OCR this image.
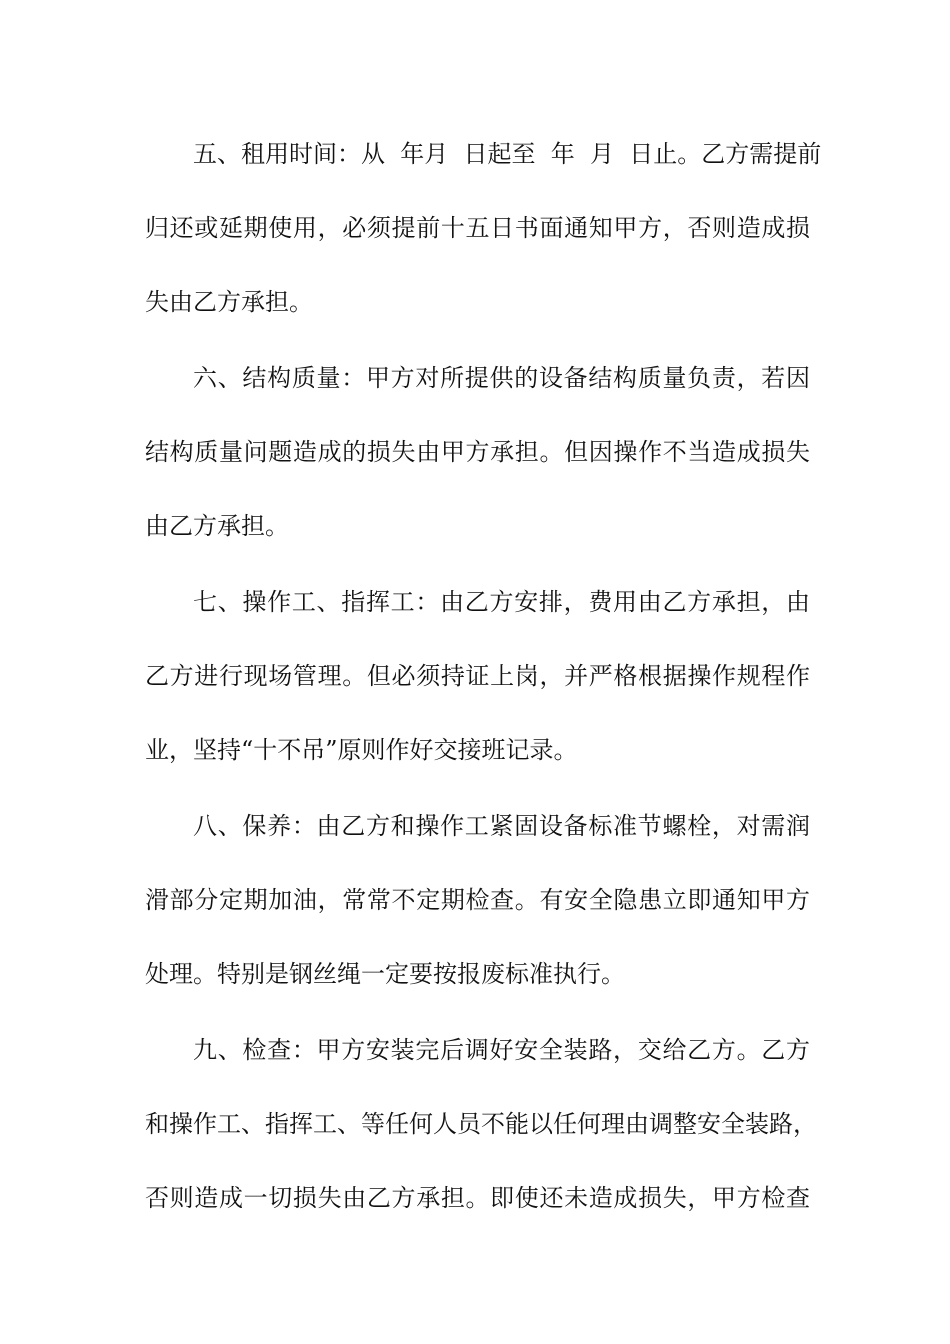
五、租用时间：从  年月  日起至  年  月  日止。乙方需提前
归还或延期使用，必须提前十五日书面通知甲方，否则造成损
失由乙方承担。
六、结构质量：甲方对所提供的设备结构质量负责，若因
结构质量问题造成的损失由甲方承担。但因操作不当造成损失
由乙方承担。
七、操作工、指挥工：由乙方安排，费用由乙方承担，由
乙方进行现场管理。但必须持证上岗，并严格根据操作规程作
业，坚持“十不吊”原则作好交接班记录。
八、保养：由乙方和操作工紧固设备标准节螺栓，对需润
滑部分定期加油，常常不定期检查。有安全隐患立即通知甲方
处理。特别是钢丝绳一定要按报废标准执行。
九、检查：甲方安装完后调好安全装路，交给乙方。乙方
和操作工、指挥工、等任何人员不能以任何理由调整安全装路，
否则造成一切损失由乙方承担。即使还未造成损失，甲方检查
